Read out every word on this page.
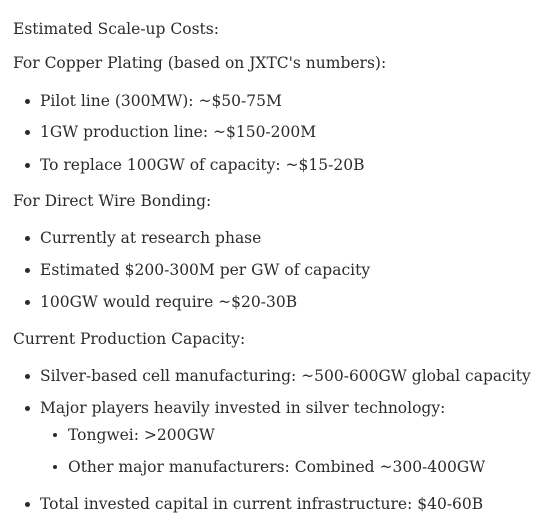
Estimated Scale-up Costs:

For Copper Plating (based on JXTC's numbers):

Pilot line (300MW): ~$50-75M
1GW production line: ~$150-200M
To replace 100GW of capacity: ~$15-20B

For Direct Wire Bonding:

Currently at research phase
Estimated $200-300M per GW of capacity
100GW would require ~$20-30B

Current Production Capacity:

Silver-based cell manufacturing: ~500-600GW global capacity
Major players heavily invested in silver technology:
Tongwei: >200GW
Other major manufacturers: Combined ~300-400GW
Total invested capital in current infrastructure: $40-60B
